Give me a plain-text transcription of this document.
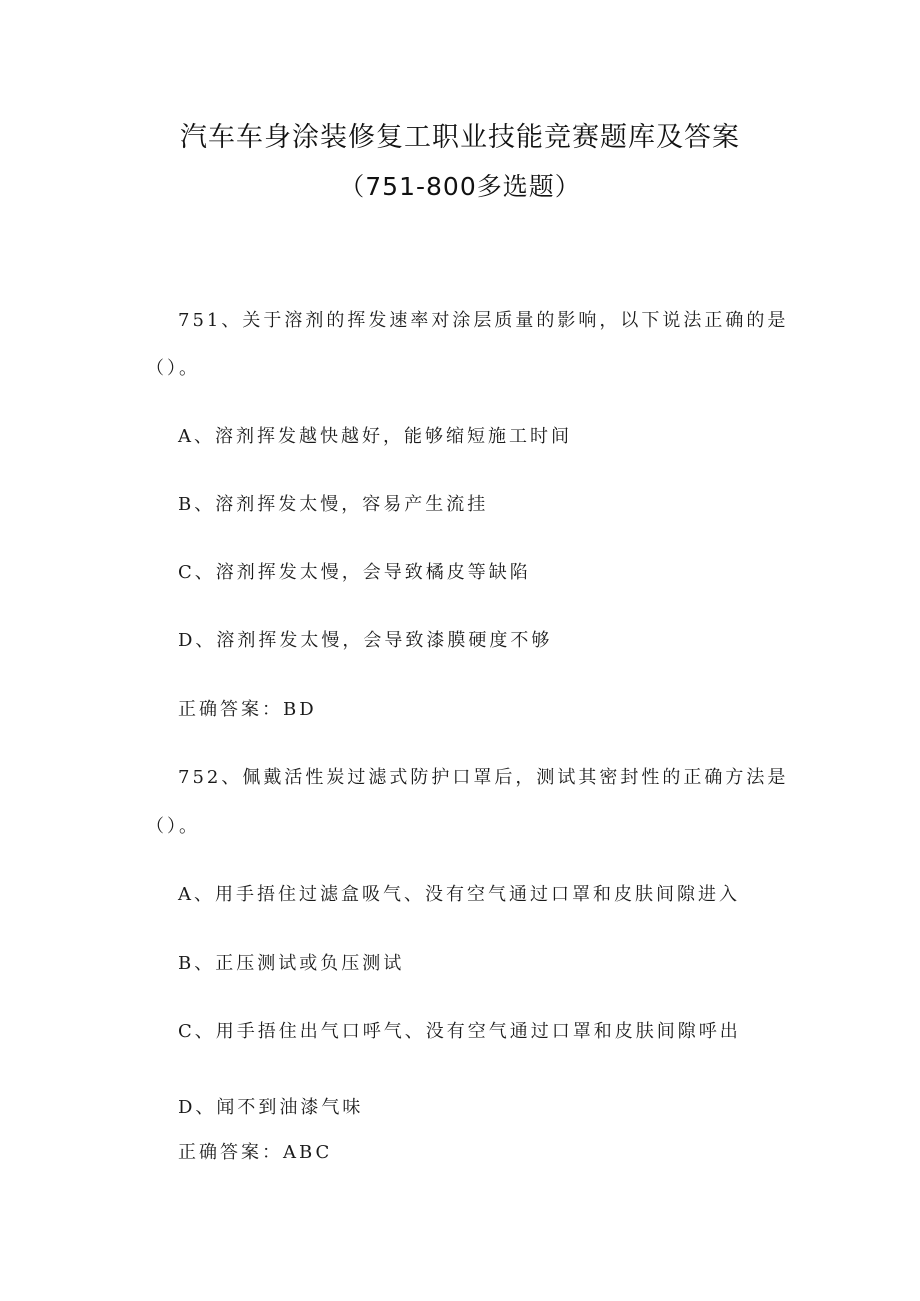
汽车车身涂装修复工职业技能竞赛题库及答案
（751-800多选题）
751、关于溶剂的挥发速率对涂层质量的影响，以下说法正确的是
（）。
A、溶剂挥发越快越好，能够缩短施工时间
B、溶剂挥发太慢，容易产生流挂
C、溶剂挥发太慢，会导致橘皮等缺陷
D、溶剂挥发太慢，会导致漆膜硬度不够
正确答案：BD
752、佩戴活性炭过滤式防护口罩后，测试其密封性的正确方法是
（）。
A、用手捂住过滤盒吸气、没有空气通过口罩和皮肤间隙进入
B、正压测试或负压测试
C、用手捂住出气口呼气、没有空气通过口罩和皮肤间隙呼出
D、闻不到油漆气味
正确答案：ABC
